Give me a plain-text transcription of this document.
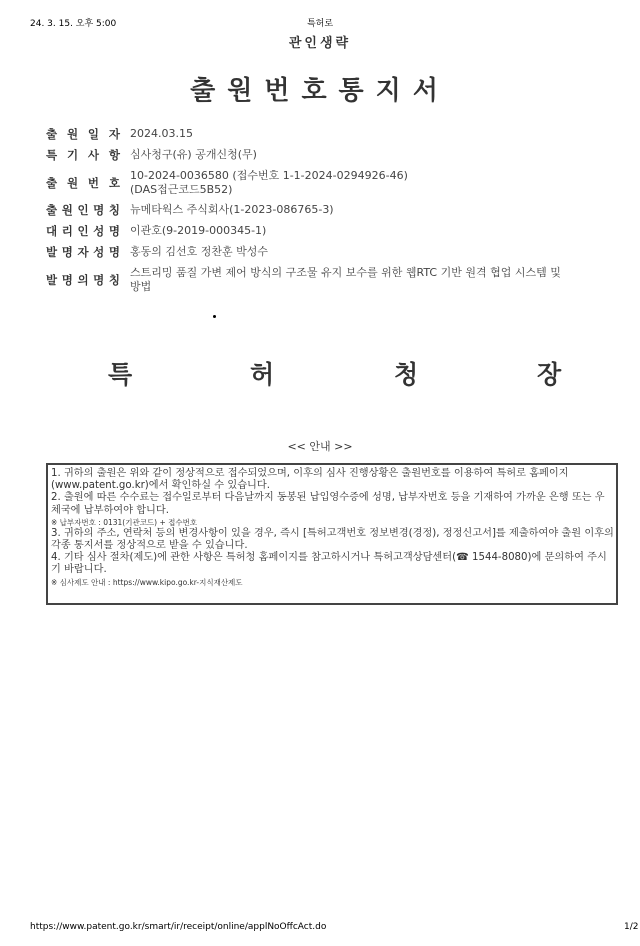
24. 3. 15. 오후 5:00	특허로
관인생략
출원번호통지서
출 원 일 자 2024.03.15
특 기 사 항 심사청구(유) 공개신청(무)
출 원 번 호
10-2024-0036580 (접수번호 1-1-2024-0294926-46)
(DAS접근코드5B52)
출 원 인 명 칭 뉴메타웍스 주식회사(1-2023-086765-3)
대 리 인 성 명 이관호(9-2019-000345-1)
발 명 자 성 명 홍동의 김선호 정찬훈 박성수
발 명 의 명 칭
스트리밍 품질 가변 제어 방식의 구조물 유지 보수를 위한 웹RTC 기반 원격 협업 시스템 및
방법
특	허	청	장
<< 안내 >>

1. 귀하의 출원은 위와 같이 정상적으로 접수되었으며, 이후의 심사 진행상황은 출원번호를 이용하여 특허로 홈페이지(www.patent.go.kr)에서 확인하실 수 있습니다.

2. 출원에 따른 수수료는 접수일로부터 다음날까지 동봉된 납입영수증에 성명, 납부자번호 등을 기재하여 가까운 은행 또는 우체국에 납부하여야 합니다.

※ 납부자번호 : 0131(기관코드) + 접수번호

3. 귀하의 주소, 연락처 등의 변경사항이 있을 경우, 즉시 [특허고객번호 정보변경(경정), 정정신고서]를 제출하여야 출원 이후의 각종 통지서를 정상적으로 받을 수 있습니다.

4. 기타 심사 절차(제도)에 관한 사항은 특허청 홈페이지를 참고하시거나 특허고객상담센터(☎ 1544-8080)에 문의하여 주시기 바랍니다.

※ 심사제도 안내 : https://www.kipo.go.kr-지식재산제도

https://www.patent.go.kr/smart/ir/receipt/online/applNoOffcAct.do	1/2
